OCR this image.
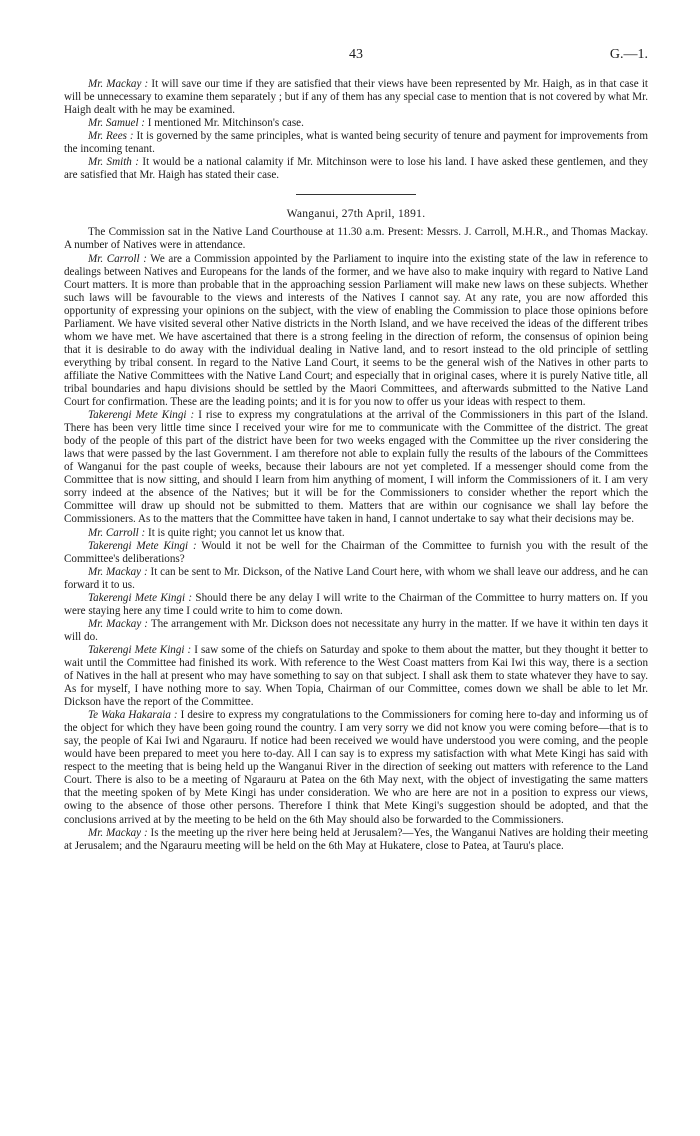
43	G.—1.

Mr. Mackay : It will save our time if they are satisfied that their views have been represented by Mr. Haigh, as in that case it will be unnecessary to examine them separately ; but if any of them has any special case to mention that is not covered by what Mr. Haigh dealt with he may be examined.

Mr. Samuel : I mentioned Mr. Mitchinson's case.

Mr. Rees : It is governed by the same principles, what is wanted being security of tenure and payment for improvements from the incoming tenant.

Mr. Smith : It would be a national calamity if Mr. Mitchinson were to lose his land. I have asked these gentlemen, and they are satisfied that Mr. Haigh has stated their case.

Wanganui, 27th April, 1891.

The Commission sat in the Native Land Courthouse at 11.30 a.m. Present: Messrs. J. Carroll, M.H.R., and Thomas Mackay. A number of Natives were in attendance.

Mr. Carroll : We are a Commission appointed by the Parliament to inquire into the existing state of the law in reference to dealings between Natives and Europeans for the lands of the former, and we have also to make inquiry with regard to Native Land Court matters. It is more than probable that in the approaching session Parliament will make new laws on these subjects. Whether such laws will be favourable to the views and interests of the Natives I cannot say. At any rate, you are now afforded this opportunity of expressing your opinions on the subject, with the view of enabling the Commission to place those opinions before Parliament. We have visited several other Native districts in the North Island, and we have received the ideas of the different tribes whom we have met. We have ascertained that there is a strong feeling in the direction of reform, the consensus of opinion being that it is desirable to do away with the individual dealing in Native land, and to resort instead to the old principle of settling everything by tribal consent. In regard to the Native Land Court, it seems to be the general wish of the Natives in other parts to affiliate the Native Committees with the Native Land Court; and especially that in original cases, where it is purely Native title, all tribal boundaries and hapu divisions should be settled by the Maori Committees, and afterwards submitted to the Native Land Court for confirmation. These are the leading points; and it is for you now to offer us your ideas with respect to them.

Takerengi Mete Kingi : I rise to express my congratulations at the arrival of the Commissioners in this part of the Island. There has been very little time since I received your wire for me to communicate with the Committee of the district. The great body of the people of this part of the district have been for two weeks engaged with the Committee up the river considering the laws that were passed by the last Government. I am therefore not able to explain fully the results of the labours of the Committees of Wanganui for the past couple of weeks, because their labours are not yet completed. If a messenger should come from the Committee that is now sitting, and should I learn from him anything of moment, I will inform the Commissioners of it. I am very sorry indeed at the absence of the Natives; but it will be for the Commissioners to consider whether the report which the Committee will draw up should not be submitted to them. Matters that are within our cognisance we shall lay before the Commissioners. As to the matters that the Committee have taken in hand, I cannot undertake to say what their decisions may be.

Mr. Carroll : It is quite right; you cannot let us know that.

Takerengi Mete Kingi : Would it not be well for the Chairman of the Committee to furnish you with the result of the Committee's deliberations?

Mr. Mackay : It can be sent to Mr. Dickson, of the Native Land Court here, with whom we shall leave our address, and he can forward it to us.

Takerengi Mete Kingi : Should there be any delay I will write to the Chairman of the Committee to hurry matters on. If you were staying here any time I could write to him to come down.

Mr. Mackay : The arrangement with Mr. Dickson does not necessitate any hurry in the matter. If we have it within ten days it will do.

Takerengi Mete Kingi : I saw some of the chiefs on Saturday and spoke to them about the matter, but they thought it better to wait until the Committee had finished its work. With reference to the West Coast matters from Kai Iwi this way, there is a section of Natives in the hall at present who may have something to say on that subject. I shall ask them to state whatever they have to say. As for myself, I have nothing more to say. When Topia, Chairman of our Committee, comes down we shall be able to let Mr. Dickson have the report of the Committee.

Te Waka Hakaraia : I desire to express my congratulations to the Commissioners for coming here to-day and informing us of the object for which they have been going round the country. I am very sorry we did not know you were coming before—that is to say, the people of Kai Iwi and Ngarauru. If notice had been received we would have understood you were coming, and the people would have been prepared to meet you here to-day. All I can say is to express my satisfaction with what Mete Kingi has said with respect to the meeting that is being held up the Wanganui River in the direction of seeking out matters with reference to the Land Court. There is also to be a meeting of Ngarauru at Patea on the 6th May next, with the object of investigating the same matters that the meeting spoken of by Mete Kingi has under consideration. We who are here are not in a position to express our views, owing to the absence of those other persons. Therefore I think that Mete Kingi's suggestion should be adopted, and that the conclusions arrived at by the meeting to be held on the 6th May should also be forwarded to the Commissioners.

Mr. Mackay : Is the meeting up the river here being held at Jerusalem?—Yes, the Wanganui Natives are holding their meeting at Jerusalem; and the Ngarauru meeting will be held on the 6th May at Hukatere, close to Patea, at Tauru's place.
